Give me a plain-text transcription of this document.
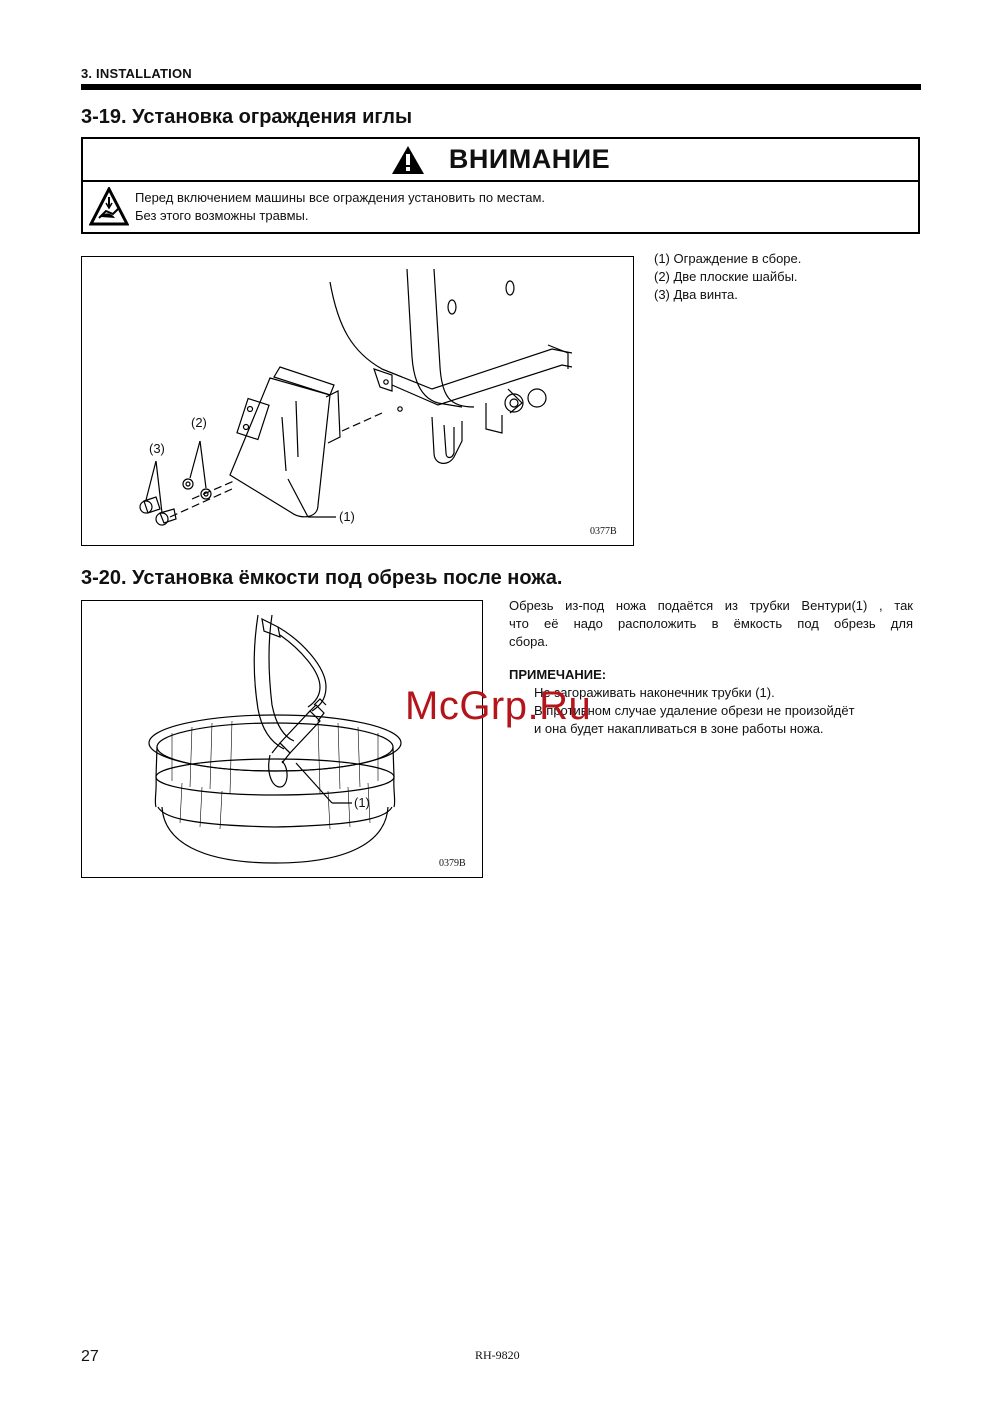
3. INSTALLATION
3-19. Установка ограждения иглы
ВНИМАНИЕ
Перед включением машины все ограждения установить по местам.
Без этого возможны травмы.
(2)
(3)
(1)
0377B
(1) Ограждение в сборе.
(2) Две плоские шайбы.
(3) Два винта.
3-20. Установка ёмкости под обрезь после ножа.
(1)
0379B
Обрезь из-под ножа подаётся из трубки Вентури(1) , так
что её надо расположить в ёмкость под обрезь для
сбора.
ПРИМЕЧАНИЕ:
Не загораживать наконечник трубки (1).
В противном случае удаление обрези не произойдёт
и она будет накапливаться в зоне работы ножа.
McGrp.Ru
27	RH-9820
